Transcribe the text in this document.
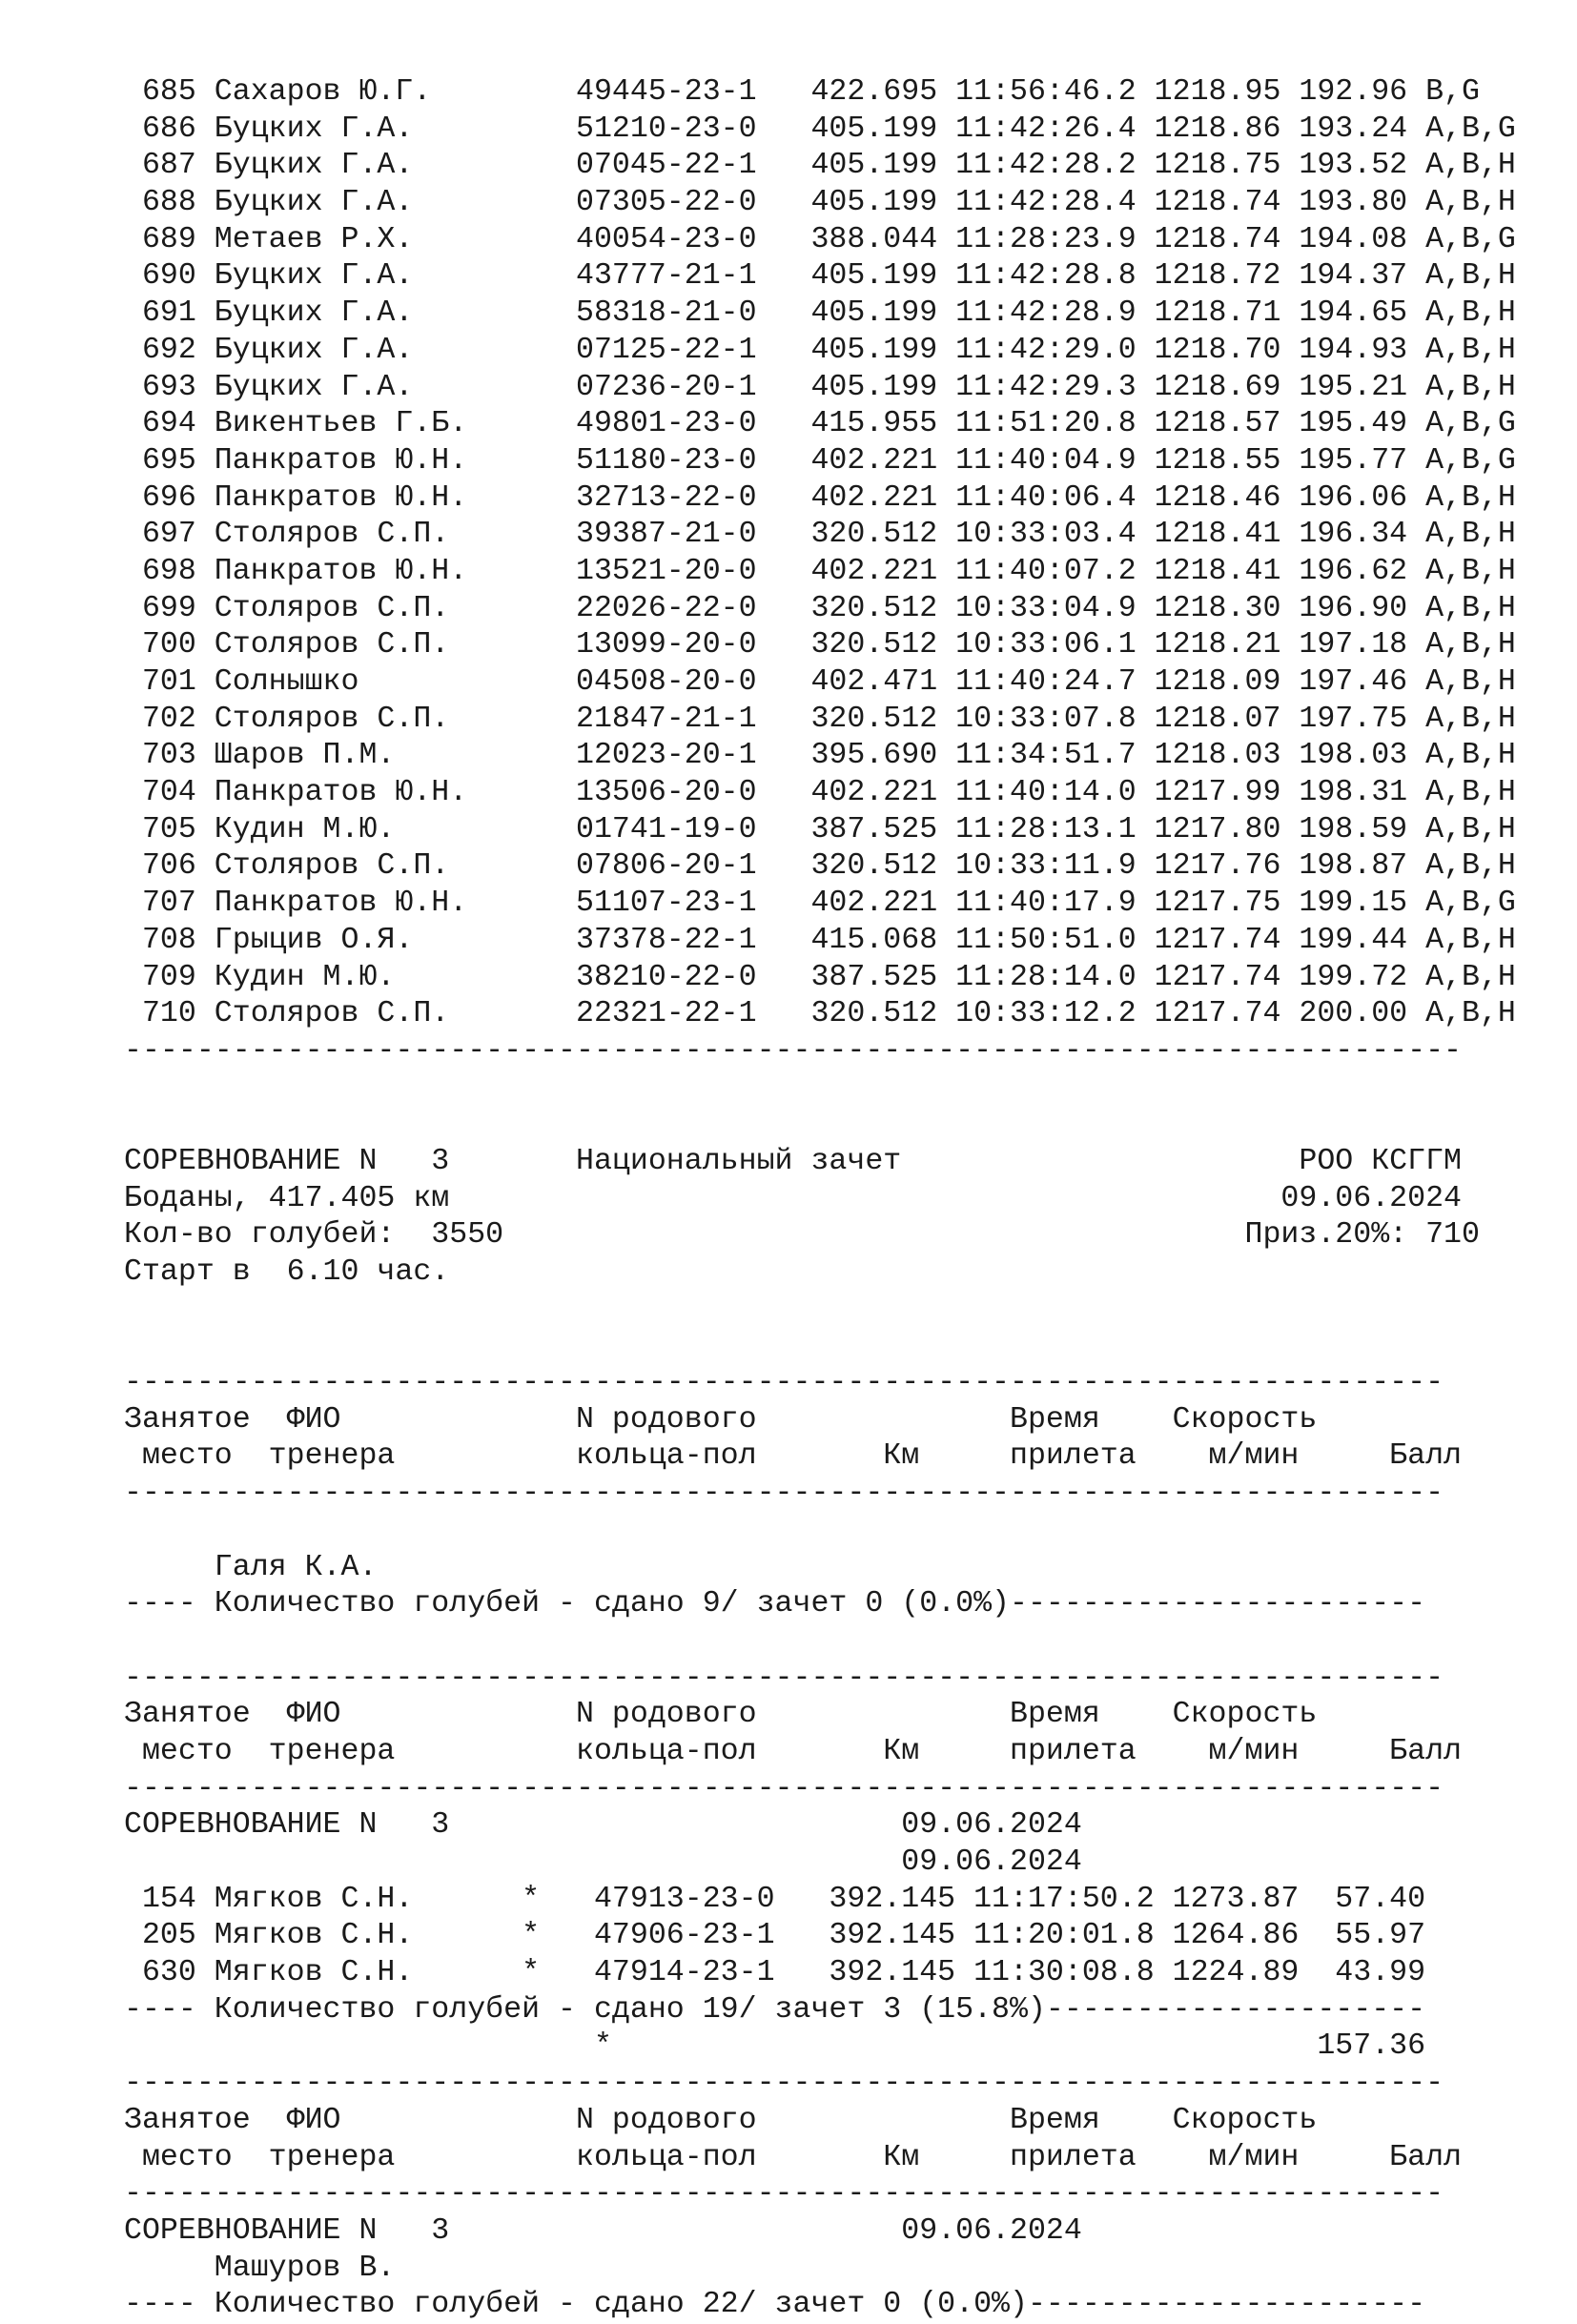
685 Сахаров Ю.Г.        49445-23-1   422.695 11:56:46.2 1218.95 192.96 B,G
686 Буцких Г.А.         51210-23-0   405.199 11:42:26.4 1218.86 193.24 A,B,G
687 Буцких Г.А.         07045-22-1   405.199 11:42:28.2 1218.75 193.52 A,B,H
688 Буцких Г.А.         07305-22-0   405.199 11:42:28.4 1218.74 193.80 A,B,H
689 Метаев Р.Х.         40054-23-0   388.044 11:28:23.9 1218.74 194.08 A,B,G
690 Буцких Г.А.         43777-21-1   405.199 11:42:28.8 1218.72 194.37 A,B,H
691 Буцких Г.А.         58318-21-0   405.199 11:42:28.9 1218.71 194.65 A,B,H
692 Буцких Г.А.         07125-22-1   405.199 11:42:29.0 1218.70 194.93 A,B,H
693 Буцких Г.А.         07236-20-1   405.199 11:42:29.3 1218.69 195.21 A,B,H
694 Викентьев Г.Б.      49801-23-0   415.955 11:51:20.8 1218.57 195.49 A,B,G
695 Панкратов Ю.Н.      51180-23-0   402.221 11:40:04.9 1218.55 195.77 A,B,G
696 Панкратов Ю.Н.      32713-22-0   402.221 11:40:06.4 1218.46 196.06 A,B,H
697 Столяров С.П.       39387-21-0   320.512 10:33:03.4 1218.41 196.34 A,B,H
698 Панкратов Ю.Н.      13521-20-0   402.221 11:40:07.2 1218.41 196.62 A,B,H
699 Столяров С.П.       22026-22-0   320.512 10:33:04.9 1218.30 196.90 A,B,H
700 Столяров С.П.       13099-20-0   320.512 10:33:06.1 1218.21 197.18 A,B,H
701 Солнышко            04508-20-0   402.471 11:40:24.7 1218.09 197.46 A,B,H
702 Столяров С.П.       21847-21-1   320.512 10:33:07.8 1218.07 197.75 A,B,H
703 Шаров П.М.          12023-20-1   395.690 11:34:51.7 1218.03 198.03 A,B,H
704 Панкратов Ю.Н.      13506-20-0   402.221 11:40:14.0 1217.99 198.31 A,B,H
705 Кудин М.Ю.          01741-19-0   387.525 11:28:13.1 1217.80 198.59 A,B,H
706 Столяров С.П.       07806-20-1   320.512 10:33:11.9 1217.76 198.87 A,B,H
707 Панкратов Ю.Н.      51107-23-1   402.221 11:40:17.9 1217.75 199.15 A,B,G
708 Грыцив О.Я.         37378-22-1   415.068 11:50:51.0 1217.74 199.44 A,B,H
709 Кудин М.Ю.          38210-22-0   387.525 11:28:14.0 1217.74 199.72 A,B,H
710 Столяров С.П.       22321-22-1   320.512 10:33:12.2 1217.74 200.00 A,B,H
--------------------------------------------------------------------------
СОРЕВНОВАНИЕ N   3       Национальный зачет                      РОО КСГГМ
Боданы, 417.405 км                                              09.06.2024
Кол-во голубей:  3550                                         Приз.20%: 710
Старт в  6.10 час.
-------------------------------------------------------------------------
Занятое  ФИО             N родового              Время    Скорость
место  тренера          кольца-пол       Км     прилета    м/мин     Балл
-------------------------------------------------------------------------
Галя К.А.
---- Количество голубей - сдано 9/ зачет 0 (0.0%)-----------------------
-------------------------------------------------------------------------
Занятое  ФИО             N родового              Время    Скорость
место  тренера          кольца-пол       Км     прилета    м/мин     Балл
-------------------------------------------------------------------------
СОРЕВНОВАНИЕ N   3                         09.06.2024
09.06.2024
154 Мягков С.Н.      *   47913-23-0   392.145 11:17:50.2 1273.87  57.40
205 Мягков С.Н.      *   47906-23-1   392.145 11:20:01.8 1264.86  55.97
630 Мягков С.Н.      *   47914-23-1   392.145 11:30:08.8 1224.89  43.99
---- Количество голубей - сдано 19/ зачет 3 (15.8%)---------------------
*                                       157.36
-------------------------------------------------------------------------
Занятое  ФИО             N родового              Время    Скорость
место  тренера          кольца-пол       Км     прилета    м/мин     Балл
-------------------------------------------------------------------------
СОРЕВНОВАНИЕ N   3                         09.06.2024
Машуров В.
---- Количество голубей - сдано 22/ зачет 0 (0.0%)----------------------
